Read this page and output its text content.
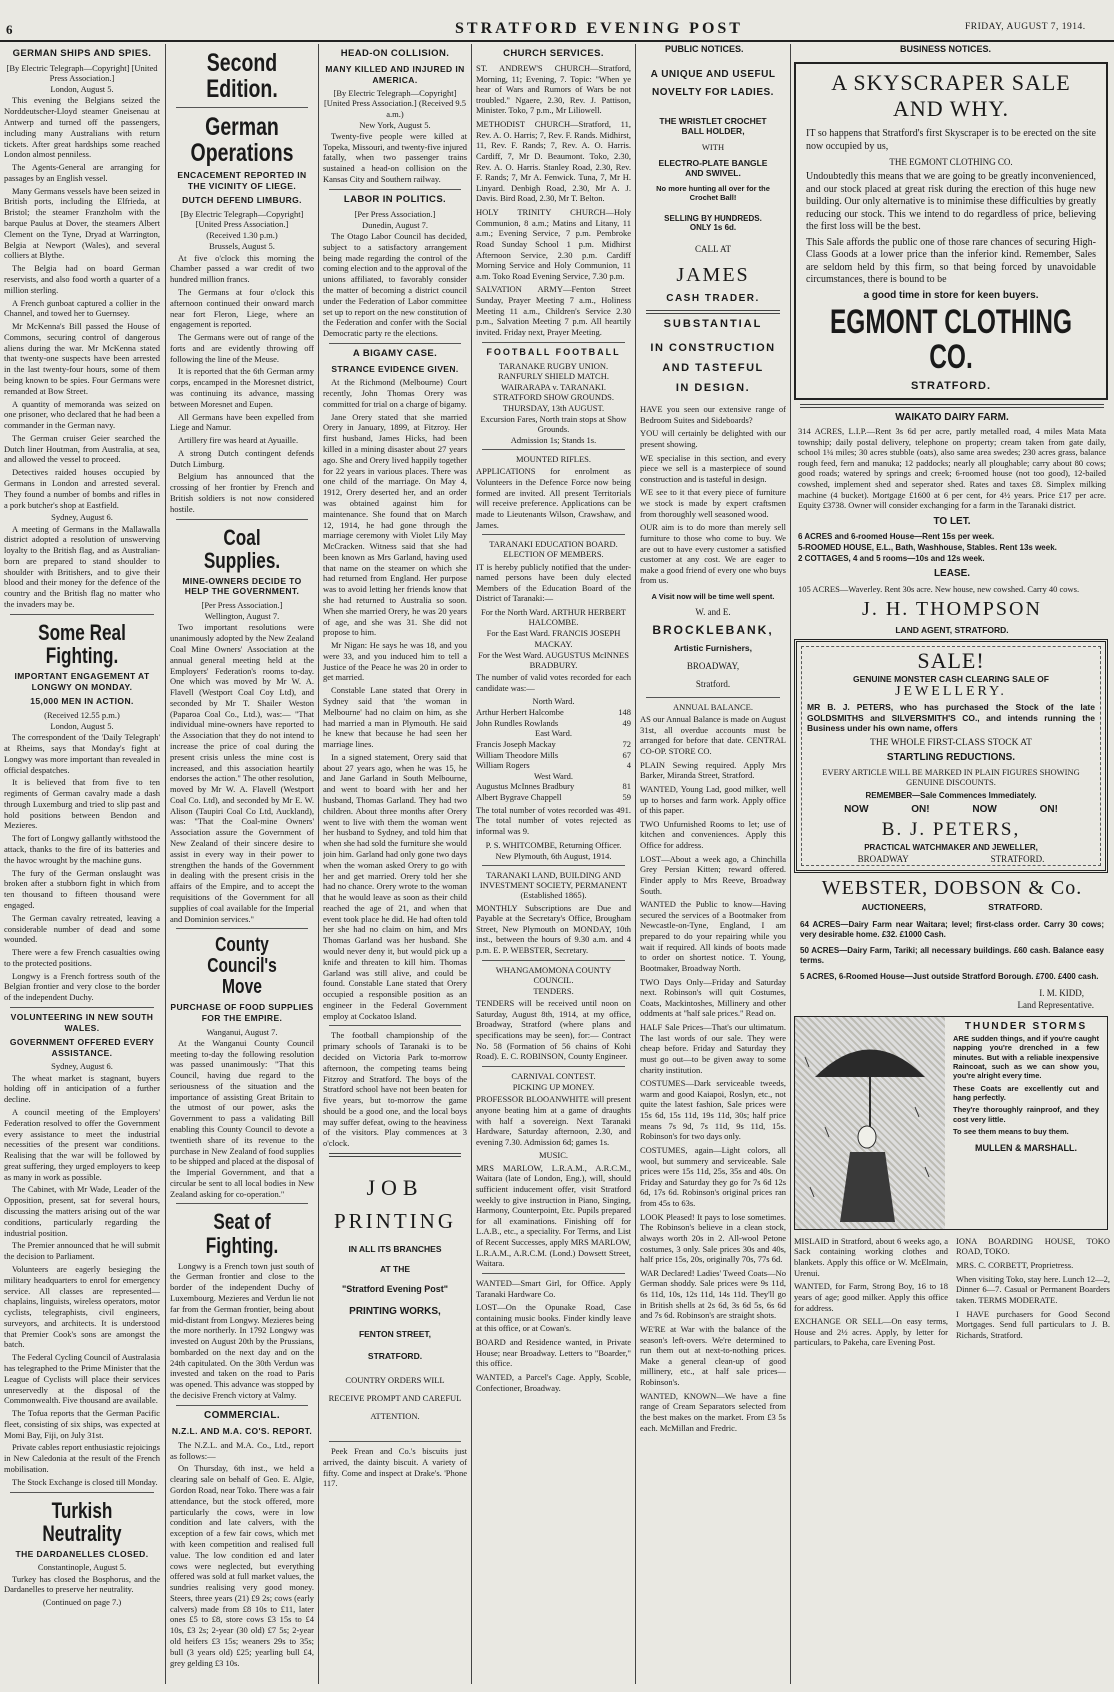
6	STRATFORD EVENING POST	FRIDAY, AUGUST 7, 1914.
PUBLIC NOTICES.	BUSINESS NOTICES.
GERMAN SHIPS AND SPIES.
[By Electric Telegraph—Copyright] [United Press Association.]
London, August 5.

This evening the Belgians seized the Norddeutscher-Lloyd steamer Gneisenau at Antwerp and turned off the passengers, including many Australians with return tickets. After great hardships some reached London almost penniless.

The Agents-General are arranging for passages by an English vessel.

Many Germans vessels have been seized in British ports, including the Elfrieda, at Bristol; the steamer Franzholm with the barque Paulus at Dover, the steamers Albert Clement on the Tyne, Dryad at Warrington, Belgia at Newport (Wales), and several colliers at Blythe.

The Belgia had on board German reservists, and also food worth a quarter of a million sterling.

A French gunboat captured a collier in the Channel, and towed her to Guernsey.

Mr McKenna's Bill passed the House of Commons, securing control of dangerous aliens during the war. Mr McKenna stated that twenty-one suspects have been arrested in the last twenty-four hours, some of them being known to be spies. Four Germans were remanded at Bow Street.

A quantity of memoranda was seized on one prisoner, who declared that he had been a commander in the German navy.

The German cruiser Geier searched the Dutch liner Houtman, from Australia, at sea, and allowed the vessel to proceed.

Detectives raided houses occupied by Germans in London and arrested several. They found a number of bombs and rifles in a pork butcher's shop at Eastfield.

Sydney, August 6.

A meeting of Germans in the Mallawalla district adopted a resolution of unswerving loyalty to the British flag, and as Australian-born are prepared to stand shoulder to shoulder with Britishers, and to give their blood and their money for the defence of the country and the British flag no matter who the invaders may be.

Some Real Fighting.
IMPORTANT ENGAGEMENT AT LONGWY ON MONDAY.
15,000 MEN IN ACTION.
(Received 12.55 p.m.)
London, August 5.

The correspondent of the 'Daily Telegraph' at Rheims, says that Monday's fight at Longwy was more important than revealed in official despatches.

It is believed that from five to ten regiments of German cavalry made a dash through Luxemburg and tried to slip past and hold positions between Bendon and Mezieres.

The fort of Longwy gallantly withstood the attack, thanks to the fire of its batteries and the havoc wrought by the machine guns.

The fury of the German onslaught was broken after a stubborn fight in which from ten thousand to fifteen thousand were engaged.

The German cavalry retreated, leaving a considerable number of dead and some wounded.

There were a few French casualties owing to the protected positions.

Longwy is a French fortress south of the Belgian frontier and very close to the border of the independent Duchy.

VOLUNTEERING IN NEW SOUTH WALES.
GOVERNMENT OFFERED EVERY ASSISTANCE.
Sydney, August 6.

The wheat market is stagnant, buyers holding off in anticipation of a further decline.

A council meeting of the Employers' Federation resolved to offer the Government every assistance to meet the industrial necessities of the present war conditions. Realising that the war will be followed by great suffering, they urged employers to keep as many in work as possible.

The Cabinet, with Mr Wade, Leader of the Opposition, present, sat for several hours, discussing the matters arising out of the war conditions, particularly regarding the industrial position.

The Premier announced that he will submit the decision to Parliament.

Volunteers are eagerly besieging the military headquarters to enrol for emergency service. All classes are represented—chaplains, linguists, wireless operators, motor cyclists, telegraphists, civil engineers, surveyors, and architects. It is understood that Premier Cook's sons are amongst the batch.

The Federal Cycling Council of Australasia has telegraphed to the Prime Minister that the League of Cyclists will place their services unreservedly at the disposal of the Commonwealth. Five thousand are available.

The Tofua reports that the German Pacific fleet, consisting of six ships, was expected at Momi Bay, Fiji, on July 31st.

Private cables report enthusiastic rejoicings in New Caledonia at the result of the French mobilisation.

The Stock Exchange is closed till Monday.

Turkish Neutrality
THE DARDANELLES CLOSED.
Constantinople, August 5.

Turkey has closed the Bosphorus, and the Dardanelles to preserve her neutrality.

(Continued on page 7.)
Second Edition.
German Operations
ENCACEMENT REPORTED IN THE VICINITY OF LIEGE.
DUTCH DEFEND LIMBURG.
[By Electric Telegraph—Copyright] [United Press Association.]
(Received 1.30 p.m.)
Brussels, August 5.

At five o'clock this morning the Chamber passed a war credit of two hundred million francs.

The Germans at four o'clock this afternoon continued their onward march near fort Fleron, Liege, where an engagement is reported.

The Germans were out of range of the forts and are evidently throwing off following the line of the Meuse.

It is reported that the 6th German army corps, encamped in the Moresnet district, was continuing its advance, massing between Moresnet and Eupen.

All Germans have been expelled from Liege and Namur.

Artillery fire was heard at Ayuaille.

A strong Dutch contingent defends Dutch Limburg.

Belgium has announced that the crossing of her frontier by French and British soldiers is not now considered hostile.

Coal Supplies.
MINE-OWNERS DECIDE TO HELP THE GOVERNMENT.
[Per Press Association.]
Wellington, August 7.

Two important resolutions were unanimously adopted by the New Zealand Coal Mine Owners' Association at the annual general meeting held at the Employers' Federation's rooms to-day. One which was moved by Mr W. A. Flavell (Westport Coal Coy Ltd), and seconded by Mr T. Shailer Weston (Paparoa Coal Co., Ltd.), was:— "That individual mine-owners have reported to the Association that they do not intend to increase the price of coal during the present crisis unless the mine cost is increased, and this association heartily endorses the action." The other resolution, moved by Mr W. A. Flavell (Westport Coal Co. Ltd), and seconded by Mr E. W. Alison (Taupiri Coal Co Ltd, Auckland), was: "That the Coal-mine Owners' Association assure the Government of New Zealand of their sincere desire to assist in every way in their power to strengthen the hands of the Government in dealing with the present crisis in the affairs of the Empire, and to accept the requisitions of the Government for all supplies of coal available for the Imperial and Dominion services."

County Council's Move
PURCHASE OF FOOD SUPPLIES FOR THE EMPIRE.
Wanganui, August 7.

At the Wanganui County Council meeting to-day the following resolution was passed unanimously: "That this Council, having due regard to the seriousness of the situation and the importance of assisting Great Britain to the utmost of our power, asks the Government to pass a validating Bill enabling this County Council to devote a twentieth share of its revenue to the purchase in New Zealand of food supplies to be shipped and placed at the disposal of the Imperial Government, and that a circular be sent to all local bodies in New Zealand asking for co-operation."

Seat of Fighting.

Longwy is a French town just south of the German frontier and close to the border of the independent Duchy of Luxembourg. Mezieres and Verdun lie not far from the German frontier, being about mid-distant from Longwy. Mezieres being the more northerly. In 1792 Longwy was invested on August 20th by the Prussians, bombarded on the next day and on the 24th capitulated. On the 30th Verdun was invested and taken on the road to Paris was opened. This advance was stopped by the decisive French victory at Valmy.

COMMERCIAL.
N.Z.L. AND M.A. CO'S. REPORT.

The N.Z.L. and M.A. Co., Ltd., report as follows:—

On Thursday, 6th inst., we held a clearing sale on behalf of Geo. E. Algie, Gordon Road, near Toko. There was a fair attendance, but the stock offered, more particularly the cows, were in low condition and late calvers, with the exception of a few fair cows, which met with keen competition and realised full value. The low condition ed and later cows were neglected, but everything offered was sold at full market values, the sundries realising very good money. Steers, three years (21) £9 2s; cows (early calvers) made from £8 10s to £11, later ones £5 to £8, store cows £3 15s to £4 10s, £3 2s; 2-year (30 old) £7 5s; 2-year old heifers £3 15s; weaners 29s to 35s; bull (3 years old) £25; yearling bull £4, grey gelding £3 10s.

HEAD-ON COLLISION.
MANY KILLED AND INJURED IN AMERICA.
[By Electric Telegraph—Copyright] [United Press Association.] (Received 9.5 a.m.)
New York, August 5.

Twenty-five people were killed at Topeka, Missouri, and twenty-five injured fatally, when two passenger trains sustained a head-on collision on the Kansas City and Southern railway.

LABOR IN POLITICS.
[Per Press Association.]
Dunedin, August 7.

The Otago Labor Council has decided, subject to a satisfactory arrangement being made regarding the control of the coming election and to the approval of the unions affiliated, to favorably consider the matter of becoming a district council under the Federation of Labor committee set up to report on the new constitution of the Federation and confer with the Social Democratic party re the elections.

A BIGAMY CASE.
STRANCE EVIDENCE GIVEN.

At the Richmond (Melbourne) Court recently, John Thomas Orery was committed for trial on a charge of bigamy.

Jane Orery stated that she married Orery in January, 1899, at Fitzroy. Her first husband, James Hicks, had been killed in a mining disaster about 27 years ago. She and Orery lived happily together for 22 years in various places. There was one child of the marriage. On May 4, 1912, Orery deserted her, and an order was obtained against him for maintenance. She found that on March 12, 1914, he had gone through the marriage ceremony with Violet Lily May McCracken. Witness said that she had been known as Mrs Garland, having used that name on the steamer on which she had returned from England. Her purpose was to avoid letting her friends know that she had returned to Australia so soon. When she married Orery, he was 20 years of age, and she was 31. She did not propose to him.

Mr Nigan: He says he was 18, and you were 33, and you induced him to tell a Justice of the Peace he was 20 in order to get married.

Constable Lane stated that Orery in Sydney said that 'the woman in Melbourne' had no claim on him, as she had married a man in Plymouth. He said he knew that because he had seen her marriage lines.

In a signed statement, Orery said that about 27 years ago, when he was 15, he and Jane Garland in South Melbourne, and went to board with her and her husband, Thomas Garland. They had two children. About three months after Orery went to live with them the woman went her husband to Sydney, and told him that when she had sold the furniture she would join him. Garland had only gone two days when the woman asked Orery to go with her and get married. Orery told her she had no chance. Orery wrote to the woman that he would leave as soon as their child reached the age of 21, and when that event took place he did. He had often told her she had no claim on him, and Mrs Thomas Garland was her husband. She would never deny it, but would pick up a knife and threaten to kill him. Thomas Garland was still alive, and could be found. Constable Lane stated that Orery occupied a responsible position as an engineer in the Federal Government employ at Cockatoo Island.

The football championship of the primary schools of Taranaki is to be decided on Victoria Park to-morrow afternoon, the competing teams being Fitzroy and Stratford. The boys of the Stratford school have not been beaten for five years, but to-morrow the game should be a good one, and the local boys may suffer defeat, owing to the heaviness of the visitors. Play commences at 3 o'clock.

JOB
PRINTING
IN ALL ITS BRANCHES
AT THE
"Stratford Evening Post"
PRINTING WORKS,
FENTON STREET,
STRATFORD.
COUNTRY ORDERS WILL
RECEIVE PROMPT AND CAREFUL
ATTENTION.

Peek Frean and Co.'s biscuits just arrived, the dainty biscuit. A variety of fifty. Come and inspect at Drake's. 'Phone 117.

CHURCH SERVICES.

ST. ANDREW'S CHURCH—Stratford, Morning, 11; Evening, 7. Topic: "When ye hear of Wars and Rumors of Wars be not troubled." Ngaere, 2.30, Rev. J. Pattison, Minister. Toko, 7 p.m., Mr Liliowell.

METHODIST CHURCH—Stratford, 11, Rev. A. O. Harris; 7, Rev. F. Rands. Midhirst, 11, Rev. F. Rands; 7, Rev. A. O. Harris. Cardiff, 7, Mr D. Beaumont. Toko, 2.30, Rev. A. O. Harris. Stanley Road, 2.30, Rev. F. Rands; 7, Mr A. Fenwick. Tuna, 7, Mr H. Linyard. Denbigh Road, 2.30, Mr A. J. Davis. Bird Road, 2.30, Mr T. Belton.

HOLY TRINITY CHURCH—Holy Communion, 8 a.m.; Matins and Litany, 11 a.m.; Evening Service, 7 p.m. Pembroke Road Sunday School 1 p.m. Midhirst Afternoon Service, 2.30 p.m. Cardiff Morning Service and Holy Communion, 11 a.m. Toko Road Evening Service, 7.30 p.m.

SALVATION ARMY—Fenton Street Sunday, Prayer Meeting 7 a.m., Holiness Meeting 11 a.m., Children's Service 2.30 p.m., Salvation Meeting 7 p.m. All heartily invited. Friday next, Prayer Meeting.

FOOTBALL FOOTBALL
TARANAKE RUGBY UNION. RANFURLY SHIELD MATCH.
WAIRARAPA v. TARANAKI. STRATFORD SHOW GROUNDS. THURSDAY, 13th AUGUST.
Excursion Fares, North train stops at Show Grounds.
Admission 1s; Stands 1s.
MOUNTED RIFLES.

APPLICATIONS for enrolment as Volunteers in the Defence Force now being formed are invited. All present Territorials will receive preference. Applications can be made to Lieutenants Wilson, Crawshaw, and James.

TARANAKI EDUCATION BOARD. ELECTION OF MEMBERS.

IT is hereby publicly notified that the under-named persons have been duly elected Members of the Education Board of the District of Taranaki:—

For the North Ward. ARTHUR HERBERT HALCOMBE.
For the East Ward. FRANCIS JOSEPH MACKAY.
For the West Ward. AUGUSTUS McINNES BRADBURY.

The number of valid votes recorded for each candidate was:—

North Ward.
Arthur Herbert Halcombe	148
John Rundles Rowlands	49
East Ward.
Francis Joseph Mackay	72
William Theodore Mills	67
William Rogers	4
West Ward.
Augustus McInnes Bradbury	81
Albert Bygrave Chappell	59

The total number of votes recorded was 491. The total number of votes rejected as informal was 9.

P. S. WHITCOMBE, Returning Officer.
New Plymouth, 6th August, 1914.
TARANAKI LAND, BUILDING AND INVESTMENT SOCIETY, PERMANENT (Established 1865).

MONTHLY Subscriptions are Due and Payable at the Secretary's Office, Brougham Street, New Plymouth on MONDAY, 10th inst., between the hours of 9.30 a.m. and 4 p.m. E. P. WEBSTER, Secretary.

WHANGAMOMONA COUNTY COUNCIL.
TENDERS.

TENDERS will be received until noon on Saturday, August 8th, 1914, at my office, Broadway, Stratford (where plans and specifications may be seen), for:— Contract No. 58 (Formation of 56 chains of Kohi Road). E. C. ROBINSON, County Engineer.

CARNIVAL CONTEST.
PICKING UP MONEY.

PROFESSOR BLOOANWHITE will present anyone beating him at a game of draughts with half a sovereign. Next Taranaki Hardware, Saturday afternoon, 2.30, and evening 7.30. Admission 6d; games 1s.

MUSIC.

MRS MARLOW, L.R.A.M., A.R.C.M., Waitara (late of London, Eng.), will, should sufficient inducement offer, visit Stratford weekly to give instruction in Piano, Singing, Harmony, Counterpoint, Etc. Pupils prepared for all examinations. Finishing off for L.A.B., etc., a speciality. For Terms, and List of Recent Successes, apply MRS MARLOW, L.R.A.M., A.R.C.M. (Lond.) Dowsett Street, Waitara.

WANTED—Smart Girl, for Office. Apply Taranaki Hardware Co.

LOST—On the Opunake Road, Case containing music books. Finder kindly leave at this office, or at Cowan's.

BOARD and Residence wanted, in Private House; near Broadway. Letters to "Boarder," this office.

WANTED, a Parcel's Cage. Apply, Scoble, Confectioner, Broadway.

A UNIQUE AND USEFUL NOVELTY FOR LADIES.
THE WRISTLET CROCHET BALL HOLDER,
WITH
ELECTRO-PLATE BANGLE AND SWIVEL.
No more hunting all over for the Crochet Ball!
SELLING BY HUNDREDS. ONLY 1s 6d.
CALL AT
JAMES
CASH TRADER.
SUBSTANTIAL
IN CONSTRUCTION
AND TASTEFUL
IN DESIGN.

HAVE you seen our extensive range of Bedroom Suites and Sideboards?

YOU will certainly be delighted with our present showing.

WE specialise in this section, and every piece we sell is a masterpiece of sound construction and is tasteful in design.

WE see to it that every piece of furniture we stock is made by expert craftsmen from thoroughly well seasoned wood.

OUR aim is to do more than merely sell furniture to those who come to buy. We are out to have every customer a satisfied customer at any cost. We are eager to make a good friend of every one who buys from us.

A Visit now will be time well spent.
W. and E.
BROCKLEBANK,
Artistic Furnishers,
BROADWAY,
Stratford.
ANNUAL BALANCE.

AS our Annual Balance is made on August 31st, all overdue accounts must be arranged for before that date. CENTRAL CO-OP. STORE CO.

PLAIN Sewing required. Apply Mrs Barker, Miranda Street, Stratford.

WANTED, Young Lad, good milker, well up to horses and farm work. Apply office of this paper.

TWO Unfurnished Rooms to let; use of kitchen and conveniences. Apply this Office for address.

LOST—About a week ago, a Chinchilla Grey Persian Kitten; reward offered. Finder apply to Mrs Reeve, Broadway South.

WANTED the Public to know—Having secured the services of a Bootmaker from Newcastle-on-Tyne, England, I am prepared to do your repairing while you wait if required. All kinds of boots made to order on shortest notice. T. Young, Bootmaker, Broadway North.

TWO Days Only—Friday and Saturday next. Robinson's will quit Costumes, Coats, Mackintoshes, Millinery and other oddments at "half sale prices." Read on.

HALF Sale Prices—That's our ultimatum. The last words of our sale. They were cheap before. Friday and Saturday they must go out—to be given away to some charity institution.

COSTUMES—Dark serviceable tweeds, warm and good Kaiapoi, Roslyn, etc., not quite the latest fashion, Sale prices were 15s 6d, 15s 11d, 19s 11d, 30s; half price means 7s 9d, 7s 11d, 9s 11d, 15s. Robinson's for two days only.

COSTUMES, again—Light colors, all wool, but summery and serviceable. Sale prices were 15s 11d, 25s, 35s and 40s. On Friday and Saturday they go for 7s 6d 12s 6d, 17s 6d. Robinson's original prices ran from 45s to 63s.

LOOK Pleased! It pays to lose sometimes. The Robinson's believe in a clean stock, always worth 20s in 2. All-wool Petone costumes, 3 only. Sale prices 30s and 40s, half price 15s, 20s, originally 70s, 77s 6d.

WAR Declared! Ladies' Tweed Coats—No German shoddy. Sale prices were 9s 11d, 6s 11d, 10s, 12s 11d, 14s 11d. They'll go in British shells at 2s 6d, 3s 6d 5s, 6s 6d and 7s 6d. Robinson's are straight shots.

WE'RE at War with the balance of the season's left-overs. We're determined to run them out at next-to-nothing prices. Make a general clean-up of good millinery, etc., at half sale prices—Robinson's.

WANTED, KNOWN—We have a fine range of Cream Separators selected from the best makes on the market. From £3 5s each. McMillan and Fredric.

A SKYSCRAPER SALE
AND WHY.

IT so happens that Stratford's first Skyscraper is to be erected on the site now occupied by us,

THE EGMONT CLOTHING CO.

Undoubtedly this means that we are going to be greatly inconvenienced, and our stock placed at great risk during the erection of this huge new building. Our only alternative is to minimise these difficulties by greatly reducing our stock. This we intend to do regardless of price, believing the first loss will be the best.

This Sale affords the public one of those rare chances of securing High-Class Goods at a lower price than the inferior kind. Remember, Sales are seldom held by this firm, so that being forced by unavoidable circumstances, there is bound to be

a good time in store for keen buyers.
EGMONT CLOTHING CO.
STRATFORD.
WAIKATO DAIRY FARM.

314 ACRES, L.I.P.—Rent 3s 6d per acre, partly metalled road, 4 miles Mata Mata township; daily postal delivery, telephone on property; cream taken from gate daily, school 1¼ miles; 30 acres stubble (oats), also same area swedes; 230 acres grass, balance rough feed, fern and manuka; 12 paddocks; nearly all ploughable; carry about 80 cows; good roads; watered by springs and creek; 6-roomed house (not too good), 12-bailed cowshed, implement shed and seperator shed. Rates and taxes £8. Simplex milking machine (4 bucket). Mortgage £1600 at 6 per cent, for 4½ years. Price £17 per acre. Equity £3738. Owner will consider exchanging for a farm in the Taranaki district.

TO LET.
6 ACRES and 6-roomed House—Rent 15s per week.
5-ROOMED HOUSE, E.L., Bath, Washhouse, Stables. Rent 13s week.
2 COTTAGES, 4 and 5 rooms—10s and 12s week.
LEASE.
105 ACRES—Waverley. Rent 30s acre. New house, new cowshed. Carry 40 cows.
J. H. THOMPSON
LAND AGENT, STRATFORD.
SALE!
GENUINE MONSTER CASH CLEARING SALE OF
JEWELLERY.

MR B. J. PETERS, who has purchased the Stock of the late GOLDSMITHS and SILVERSMITH'S CO., and intends running the Business under his own name, offers

THE WHOLE FIRST-CLASS STOCK AT
STARTLING REDUCTIONS.
EVERY ARTICLE WILL BE MARKED IN PLAIN FIGURES SHOWING GENUINE DISCOUNTS.
REMEMBER—Sale Commences Immediately.
NOW ON! NOW ON!
B. J. PETERS,
PRACTICAL WATCHMAKER AND JEWELLER,
BROADWAY STRATFORD.
WEBSTER, DOBSON & Co.
AUCTIONEERS, STRATFORD.

64 ACRES—Dairy Farm near Waitara; level; first-class order. Carry 30 cows; very desirable home. £32. £1000 Cash.

50 ACRES—Dairy Farm, Tariki; all necessary buildings. £60 cash. Balance easy terms.

5 ACRES, 6-Roomed House—Just outside Stratford Borough. £700. £400 cash.

I. M. KIDD,
Land Representative.
THUNDER STORMS

ARE sudden things, and if you're caught napping you're drenched in a few minutes. But with a reliable inexpensive Raincoat, such as we can show you, you're alright every time.

These Coats are excellently cut and hang perfectly.

They're thoroughly rainproof, and they cost very little.

To see them means to buy them.

MULLEN & MARSHALL.

MISLAID in Stratford, about 6 weeks ago, a Sack containing working clothes and blankets. Apply this office or W. McElmain, Urenui.

WANTED, for Farm, Strong Boy, 16 to 18 years of age; good milker. Apply this office for address.

EXCHANGE OR SELL—On easy terms, House and 2½ acres. Apply, by letter for particulars, to Pakeha, care Evening Post.

IONA BOARDING HOUSE, TOKO ROAD, TOKO.

MRS. C. CORBETT, Proprietress.

When visiting Toko, stay here. Lunch 12—2, Dinner 6—7. Casual or Permanent Boarders taken. TERMS MODERATE.

I HAVE purchasers for Good Second Mortgages. Send full particulars to J. B. Richards, Stratford.
